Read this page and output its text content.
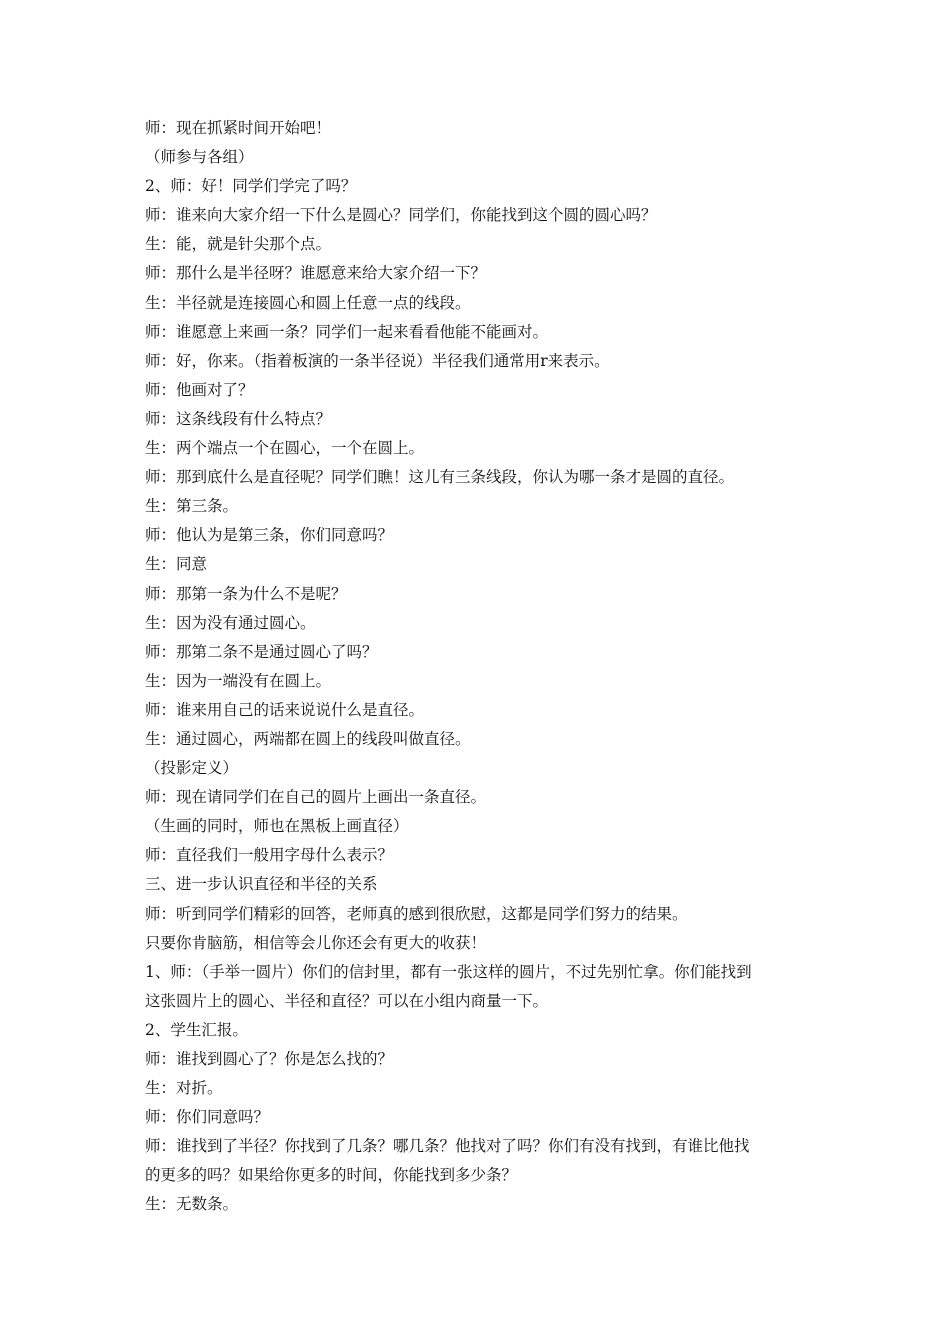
师：现在抓紧时间开始吧！
（师参与各组）
2、师：好！同学们学完了吗？
师：谁来向大家介绍一下什么是圆心？同学们，你能找到这个圆的圆心吗？
生：能，就是针尖那个点。
师：那什么是半径呀？谁愿意来给大家介绍一下？
生：半径就是连接圆心和圆上任意一点的线段。
师：谁愿意上来画一条？同学们一起来看看他能不能画对。
师：好，你来。（指着板演的一条半径说）半径我们通常用r来表示。
师：他画对了？
师：这条线段有什么特点？
生：两个端点一个在圆心，一个在圆上。
师：那到底什么是直径呢？同学们瞧！这儿有三条线段，你认为哪一条才是圆的直径。
生：第三条。
师：他认为是第三条，你们同意吗？
生：同意
师：那第一条为什么不是呢？
生：因为没有通过圆心。
师：那第二条不是通过圆心了吗？
生：因为一端没有在圆上。
师：谁来用自己的话来说说什么是直径。
生：通过圆心，两端都在圆上的线段叫做直径。
（投影定义）
师：现在请同学们在自己的圆片上画出一条直径。
（生画的同时，师也在黑板上画直径）
师：直径我们一般用字母什么表示？
三、进一步认识直径和半径的关系
师：听到同学们精彩的回答，老师真的感到很欣慰，这都是同学们努力的结果。
只要你肯脑筋，相信等会儿你还会有更大的收获！
1、师：（手举一圆片）你们的信封里，都有一张这样的圆片，不过先别忙拿。你们能找到
这张圆片上的圆心、半径和直径？可以在小组内商量一下。
2、学生汇报。
师：谁找到圆心了？你是怎么找的？
生：对折。
师：你们同意吗？
师：谁找到了半径？你找到了几条？哪几条？他找对了吗？你们有没有找到，有谁比他找
的更多的吗？如果给你更多的时间，你能找到多少条？
生：无数条。
